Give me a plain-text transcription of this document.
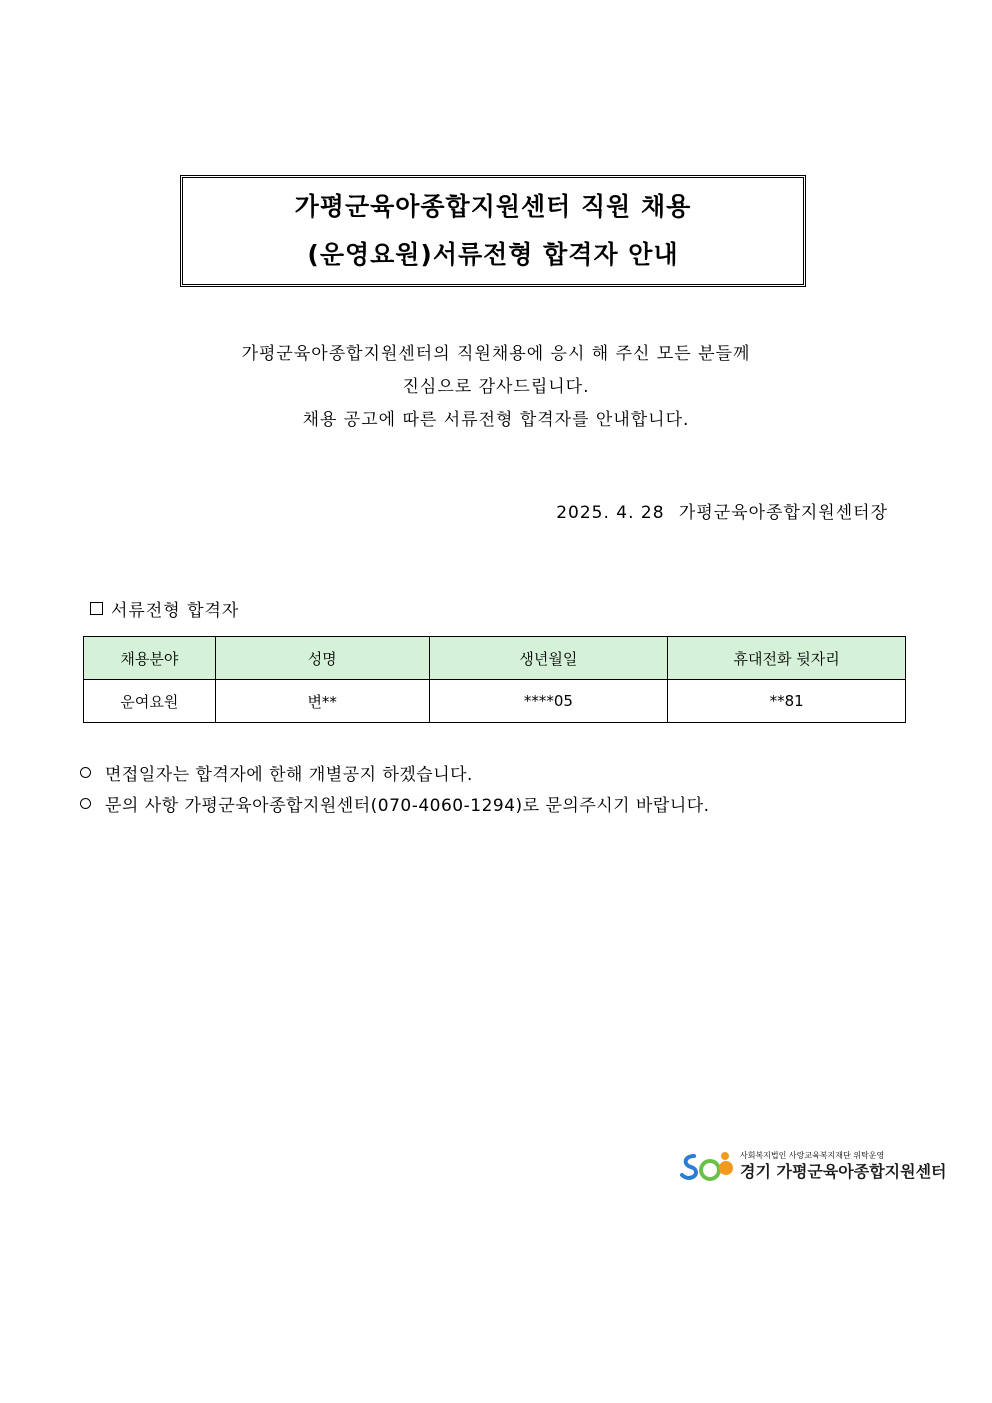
가평군육아종합지원센터 직원 채용
(운영요원)서류전형 합격자 안내
가평군육아종합지원센터의 직원채용에 응시 해 주신 모든 분들께
진심으로 감사드립니다.
채용 공고에 따른 서류전형 합격자를 안내합니다.
2025. 4. 28 가평군육아종합지원센터장
서류전형 합격자
채용분야	성명	생년월일	휴대전화 뒷자리
운여요원	변**	****05	**81
면접일자는 합격자에 한해 개별공지 하겠습니다.
문의 사항 가평군육아종합지원센터(070-4060-1294)로 문의주시기 바랍니다.
사회복지법인 사랑교육복지재단 위탁운영
경기 가평군육아종합지원센터
